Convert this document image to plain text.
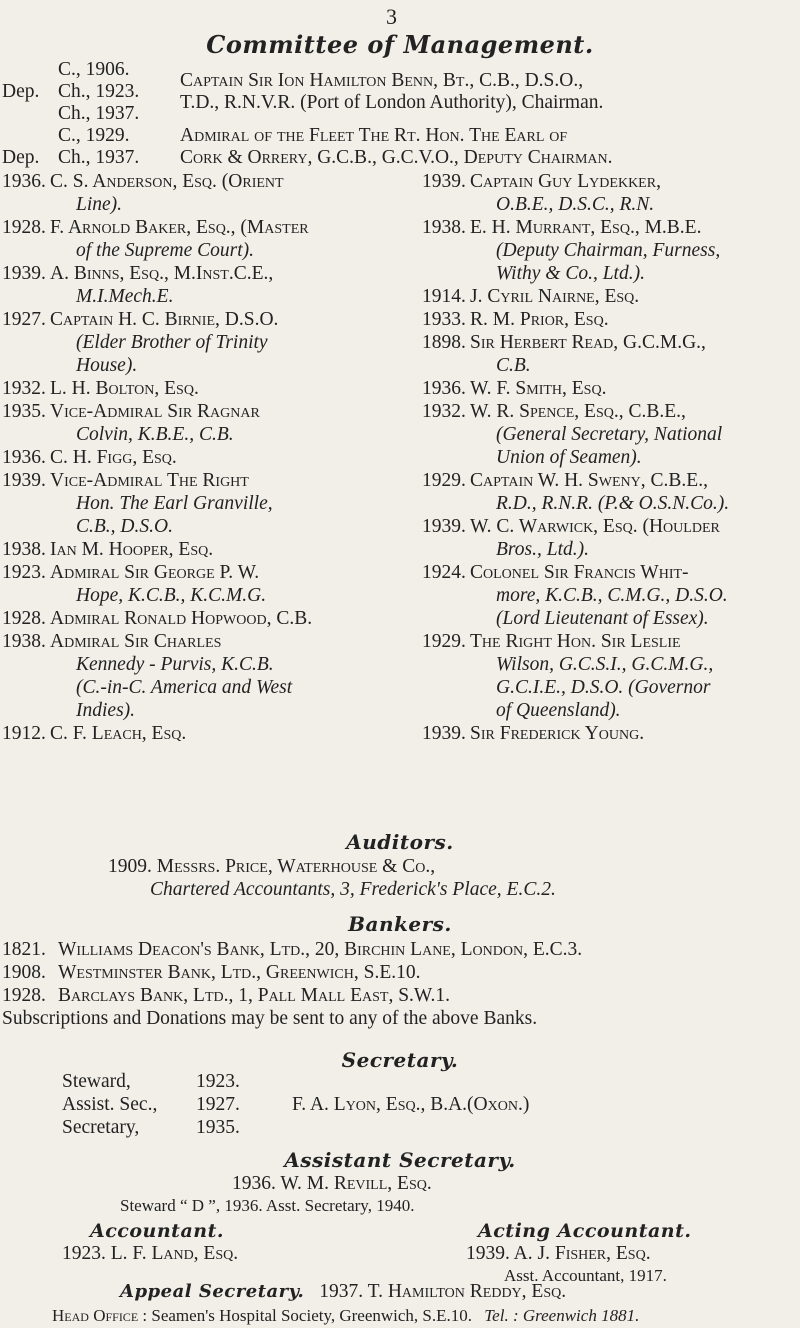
3
Committee of Management.
Dep.
C., 1906.
Ch., 1923.
Ch., 1937.
Captain Sir Ion Hamilton Benn, Bt., C.B., D.S.O.,
T.D., R.N.V.R. (Port of London Authority), Chairman.
Dep.
C., 1929.
Ch., 1937.
Admiral of the Fleet The Rt. Hon. The Earl of
Cork & Orrery, G.C.B., G.C.V.O., Deputy Chairman.
1936. C. S. Anderson, Esq. (Orient
Line).
1928. F. Arnold Baker, Esq., (Master
of the Supreme Court).
1939. A. Binns, Esq., M.Inst.C.E.,
M.I.Mech.E.
1927. Captain H. C. Birnie, D.S.O.
(Elder Brother of Trinity
House).
1932. L. H. Bolton, Esq.
1935. Vice-Admiral Sir Ragnar
Colvin, K.B.E., C.B.
1936. C. H. Figg, Esq.
1939. Vice-Admiral The Right
Hon. The Earl Granville,
C.B., D.S.O.
1938. Ian M. Hooper, Esq.
1923. Admiral Sir George P. W.
Hope, K.C.B., K.C.M.G.
1928. Admiral Ronald Hopwood, C.B.
1938. Admiral Sir Charles
Kennedy - Purvis, K.C.B.
(C.-in-C. America and West
Indies).
1912. C. F. Leach, Esq.
1939. Captain Guy Lydekker,
O.B.E., D.S.C., R.N.
1938. E. H. Murrant, Esq., M.B.E.
(Deputy Chairman, Furness,
Withy & Co., Ltd.).
1914. J. Cyril Nairne, Esq.
1933. R. M. Prior, Esq.
1898. Sir Herbert Read, G.C.M.G.,
C.B.
1936. W. F. Smith, Esq.
1932. W. R. Spence, Esq., C.B.E.,
(General Secretary, National
Union of Seamen).
1929. Captain W. H. Sweny, C.B.E.,
R.D., R.N.R. (P.& O.S.N.Co.).
1939. W. C. Warwick, Esq. (Houlder
Bros., Ltd.).
1924. Colonel Sir Francis Whit-
more, K.C.B., C.M.G., D.S.O.
(Lord Lieutenant of Essex).
1929. The Right Hon. Sir Leslie
Wilson, G.C.S.I., G.C.M.G.,
G.C.I.E., D.S.O. (Governor
of Queensland).
1939. Sir Frederick Young.
Auditors.
1909. Messrs. Price, Waterhouse & Co.,
Chartered Accountants, 3, Frederick's Place, E.C.2.
Bankers.
1821. Williams Deacon's Bank, Ltd., 20, Birchin Lane, London, E.C.3.
1908. Westminster Bank, Ltd., Greenwich, S.E.10.
1928. Barclays Bank, Ltd., 1, Pall Mall East, S.W.1.
Subscriptions and Donations may be sent to any of the above Banks.
Secretary.
Steward,
Assist. Sec.,
Secretary,
1923.
1927.
1935.
F. A. Lyon, Esq., B.A.(Oxon.)
Assistant Secretary.
1936. W. M. Revill, Esq.
Steward “ D ”, 1936. Asst. Secretary, 1940.
Accountant.
1923. L. F. Land, Esq.
Acting Accountant.
1939. A. J. Fisher, Esq.
Asst. Accountant, 1917.
Appeal Secretary. 1937. T. Hamilton Reddy, Esq.
Head Office : Seamen's Hospital Society, Greenwich, S.E.10. Tel. : Greenwich 1881.
